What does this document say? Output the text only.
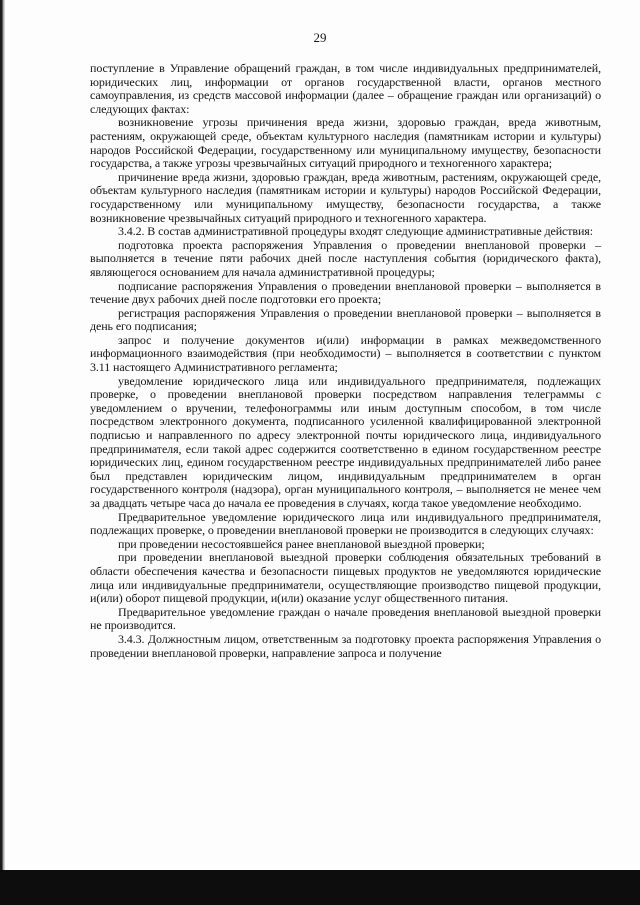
29

поступление в Управление обращений граждан, в том числе индивидуальных предпринимателей, юридических лиц, информации от органов государственной власти, органов местного самоуправления, из средств массовой информации (далее – обращение граждан или организаций) о следующих фактах:

возникновение угрозы причинения вреда жизни, здоровью граждан, вреда животным, растениям, окружающей среде, объектам культурного наследия (памятникам истории и культуры) народов Российской Федерации, государственному или муниципальному имуществу, безопасности государства, а также угрозы чрезвычайных ситуаций природного и техногенного характера;

причинение вреда жизни, здоровью граждан, вреда животным, растениям, окружающей среде, объектам культурного наследия (памятникам истории и культуры) народов Российской Федерации, государственному или муниципальному имуществу, безопасности государства, а также возникновение чрезвычайных ситуаций природного и техногенного характера.

3.4.2. В состав административной процедуры входят следующие административные действия:

подготовка проекта распоряжения Управления о проведении внеплановой проверки – выполняется в течение пяти рабочих дней после наступления события (юридического факта), являющегося основанием для начала административной процедуры;

подписание распоряжения Управления о проведении внеплановой проверки – выполняется в течение двух рабочих дней после подготовки его проекта;

регистрация распоряжения Управления о проведении внеплановой проверки – выполняется в день его подписания;

запрос и получение документов и(или) информации в рамках межведомственного информационного взаимодействия (при необходимости) – выполняется в соответствии с пунктом 3.11 настоящего Административного регламента;

уведомление юридического лица или индивидуального предпринимателя, подлежащих проверке, о проведении внеплановой проверки посредством направления телеграммы с уведомлением о вручении, телефонограммы или иным доступным способом, в том числе посредством электронного документа, подписанного усиленной квалифицированной электронной подписью и направленного по адресу электронной почты юридического лица, индивидуального предпринимателя, если такой адрес содержится соответственно в едином государственном реестре юридических лиц, едином государственном реестре индивидуальных предпринимателей либо ранее был представлен юридическим лицом, индивидуальным предпринимателем в орган государственного контроля (надзора), орган муниципального контроля, – выполняется не менее чем за двадцать четыре часа до начала ее проведения в случаях, когда такое уведомление необходимо.

Предварительное уведомление юридического лица или индивидуального предпринимателя, подлежащих проверке, о проведении внеплановой проверки не производится в следующих случаях:

при проведении несостоявшейся ранее внеплановой выездной проверки;

при проведении внеплановой выездной проверки соблюдения обязательных требований в области обеспечения качества и безопасности пищевых продуктов не уведомляются юридические лица или индивидуальные предприниматели, осуществляющие производство пищевой продукции, и(или) оборот пищевой продукции, и(или) оказание услуг общественного питания.

Предварительное уведомление граждан о начале проведения внеплановой выездной проверки не производится.

3.4.3. Должностным лицом, ответственным за подготовку проекта распоряжения Управления о проведении внеплановой проверки, направление запроса и получение
